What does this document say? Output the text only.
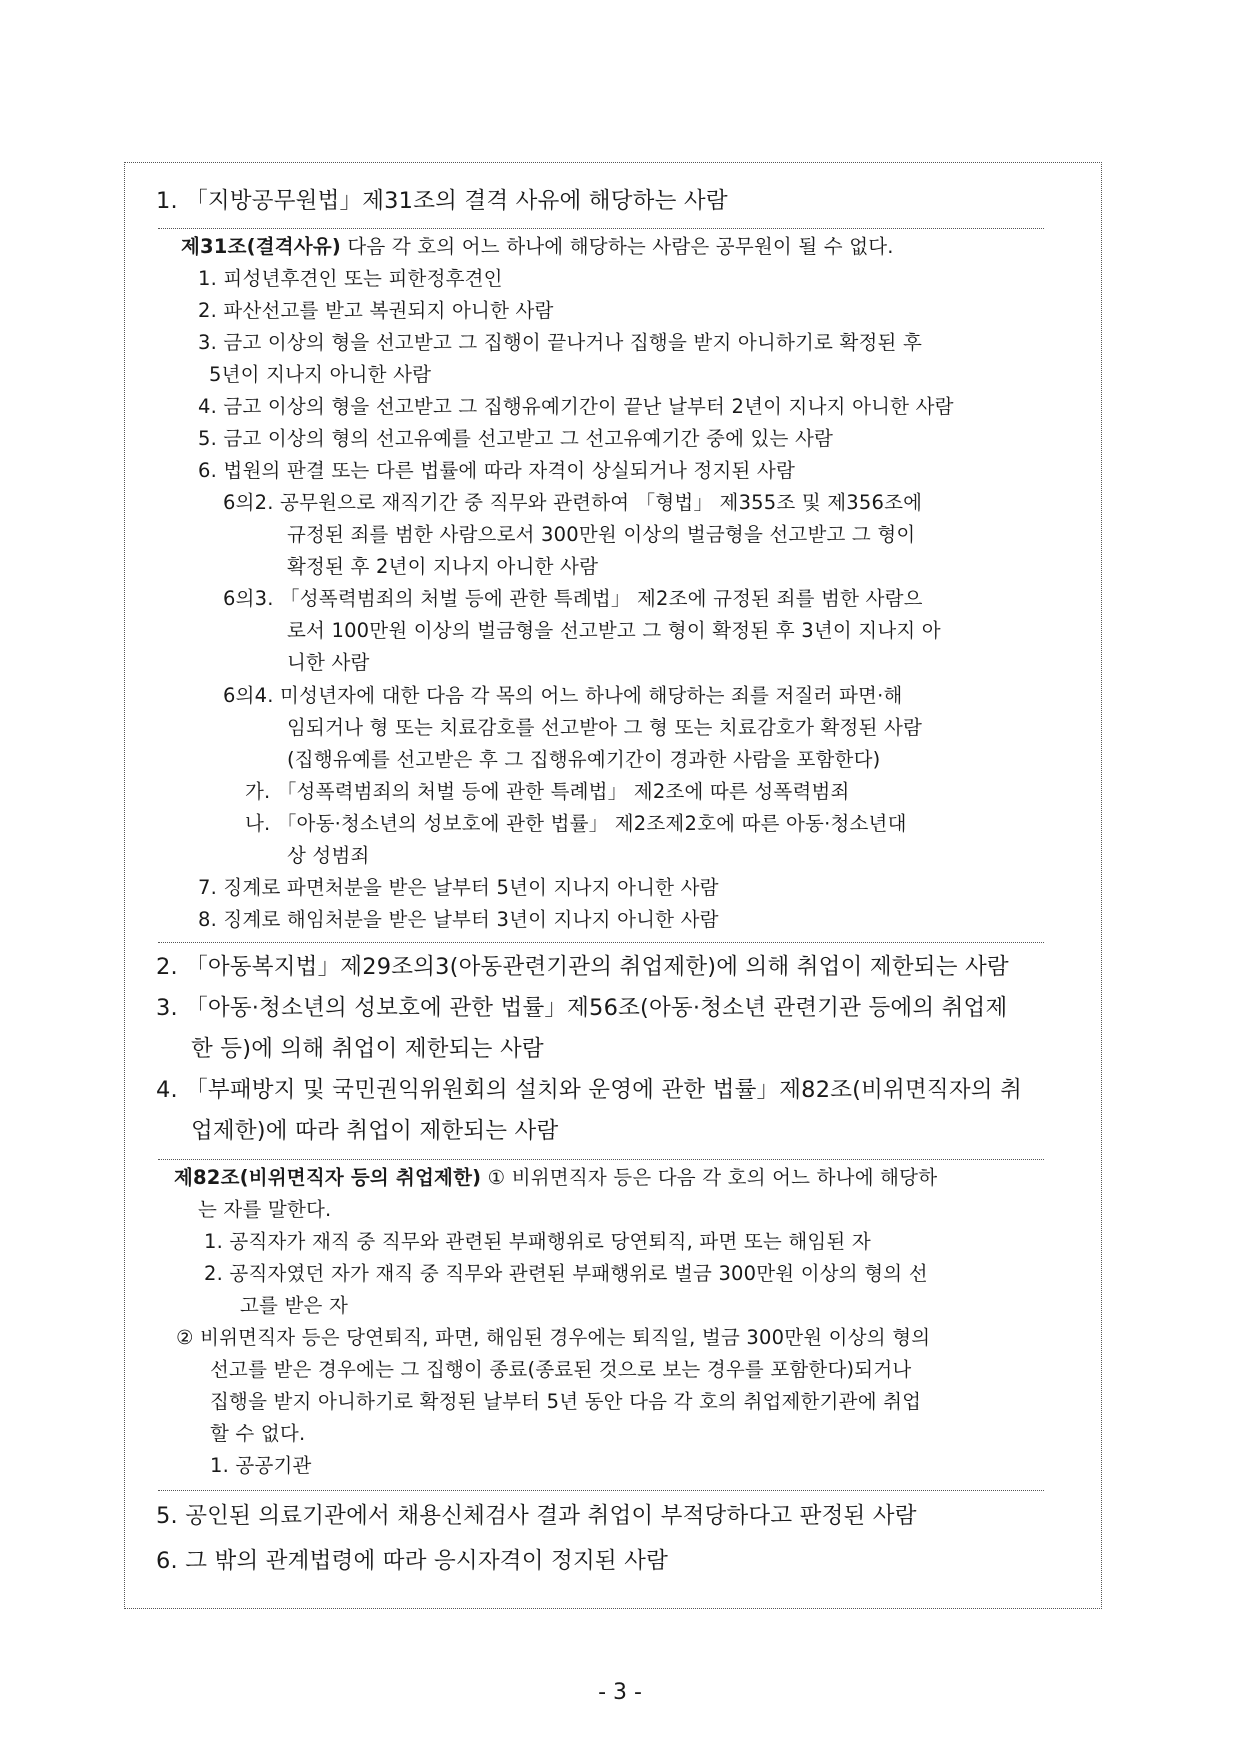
1. 「지방공무원법」제31조의 결격 사유에 해당하는 사람
제31조(결격사유) 다음 각 호의 어느 하나에 해당하는 사람은 공무원이 될 수 없다.
1. 피성년후견인 또는 피한정후견인
2. 파산선고를 받고 복권되지 아니한 사람
3. 금고 이상의 형을 선고받고 그 집행이 끝나거나 집행을 받지 아니하기로 확정된 후
5년이 지나지 아니한 사람
4. 금고 이상의 형을 선고받고 그 집행유예기간이 끝난 날부터 2년이 지나지 아니한 사람
5. 금고 이상의 형의 선고유예를 선고받고 그 선고유예기간 중에 있는 사람
6. 법원의 판결 또는 다른 법률에 따라 자격이 상실되거나 정지된 사람
6의2. 공무원으로 재직기간 중 직무와 관련하여 「형법」 제355조 및 제356조에
규정된 죄를 범한 사람으로서 300만원 이상의 벌금형을 선고받고 그 형이
확정된 후 2년이 지나지 아니한 사람
6의3. 「성폭력범죄의 처벌 등에 관한 특례법」 제2조에 규정된 죄를 범한 사람으
로서 100만원 이상의 벌금형을 선고받고 그 형이 확정된 후 3년이 지나지 아
니한 사람
6의4. 미성년자에 대한 다음 각 목의 어느 하나에 해당하는 죄를 저질러 파면·해
임되거나 형 또는 치료감호를 선고받아 그 형 또는 치료감호가 확정된 사람
(집행유예를 선고받은 후 그 집행유예기간이 경과한 사람을 포함한다)
가. 「성폭력범죄의 처벌 등에 관한 특례법」 제2조에 따른 성폭력범죄
나. 「아동·청소년의 성보호에 관한 법률」 제2조제2호에 따른 아동·청소년대
상 성범죄
7. 징계로 파면처분을 받은 날부터 5년이 지나지 아니한 사람
8. 징계로 해임처분을 받은 날부터 3년이 지나지 아니한 사람
2. 「아동복지법」제29조의3(아동관련기관의 취업제한)에 의해 취업이 제한되는 사람
3. 「아동·청소년의 성보호에 관한 법률」제56조(아동·청소년 관련기관 등에의 취업제
한 등)에 의해 취업이 제한되는 사람
4. 「부패방지 및 국민권익위원회의 설치와 운영에 관한 법률」제82조(비위면직자의 취
업제한)에 따라 취업이 제한되는 사람
제82조(비위면직자 등의 취업제한) ① 비위면직자 등은 다음 각 호의 어느 하나에 해당하
는 자를 말한다.
1. 공직자가 재직 중 직무와 관련된 부패행위로 당연퇴직, 파면 또는 해임된 자
2. 공직자였던 자가 재직 중 직무와 관련된 부패행위로 벌금 300만원 이상의 형의 선
고를 받은 자
② 비위면직자 등은 당연퇴직, 파면, 해임된 경우에는 퇴직일, 벌금 300만원 이상의 형의
선고를 받은 경우에는 그 집행이 종료(종료된 것으로 보는 경우를 포함한다)되거나
집행을 받지 아니하기로 확정된 날부터 5년 동안 다음 각 호의 취업제한기관에 취업
할 수 없다.
1. 공공기관
5. 공인된 의료기관에서 채용신체검사 결과 취업이 부적당하다고 판정된 사람
6. 그 밖의 관계법령에 따라 응시자격이 정지된 사람
- 3 -
